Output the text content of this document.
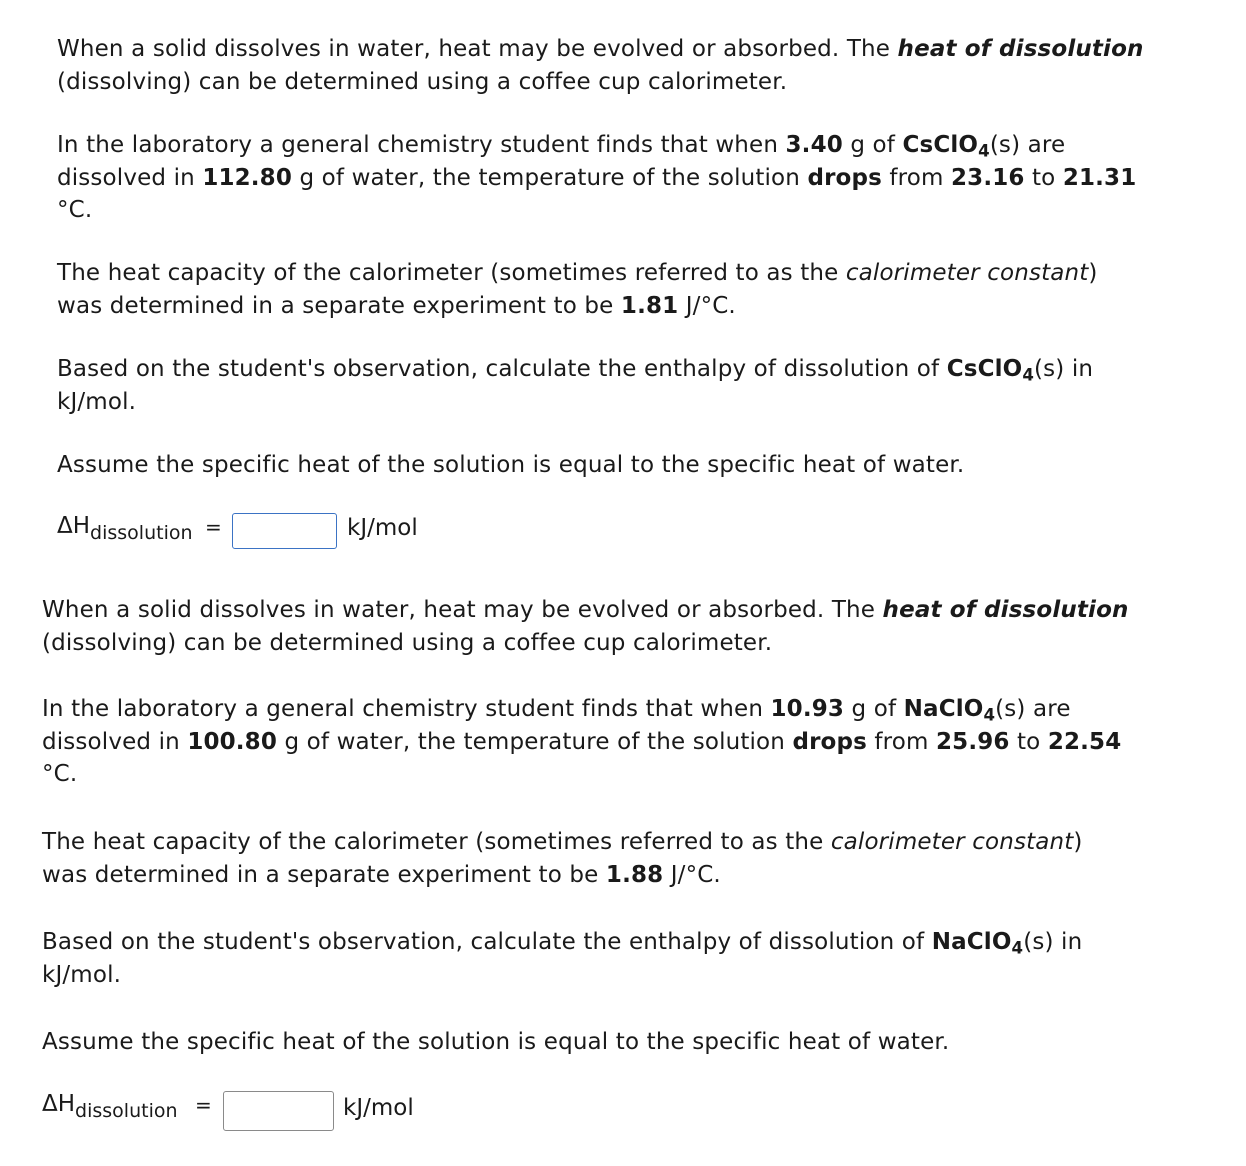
When a solid dissolves in water, heat may be evolved or absorbed. The heat of dissolution
(dissolving) can be determined using a coffee cup calorimeter.

In the laboratory a general chemistry student finds that when 3.40 g of CsClO$_4$(s) are
dissolved in 112.80 g of water, the temperature of the solution drops from 23.16 to 21.31
°C.

The heat capacity of the calorimeter (sometimes referred to as the calorimeter constant)
was determined in a separate experiment to be 1.81 J/°C.

Based on the student's observation, calculate the enthalpy of dissolution of CsClO$_4$(s) in
kJ/mol.

Assume the specific heat of the solution is equal to the specific heat of water.

$\Delta H_{dissolution}$ =	kJ/mol

When a solid dissolves in water, heat may be evolved or absorbed. The heat of dissolution
(dissolving) can be determined using a coffee cup calorimeter.

In the laboratory a general chemistry student finds that when 10.93 g of NaClO$_4$(s) are
dissolved in 100.80 g of water, the temperature of the solution drops from 25.96 to 22.54
°C.

The heat capacity of the calorimeter (sometimes referred to as the calorimeter constant)
was determined in a separate experiment to be 1.88 J/°C.

Based on the student's observation, calculate the enthalpy of dissolution of NaClO$_4$(s) in
kJ/mol.

Assume the specific heat of the solution is equal to the specific heat of water.

$\Delta H_{dissolution}$ =	kJ/mol
